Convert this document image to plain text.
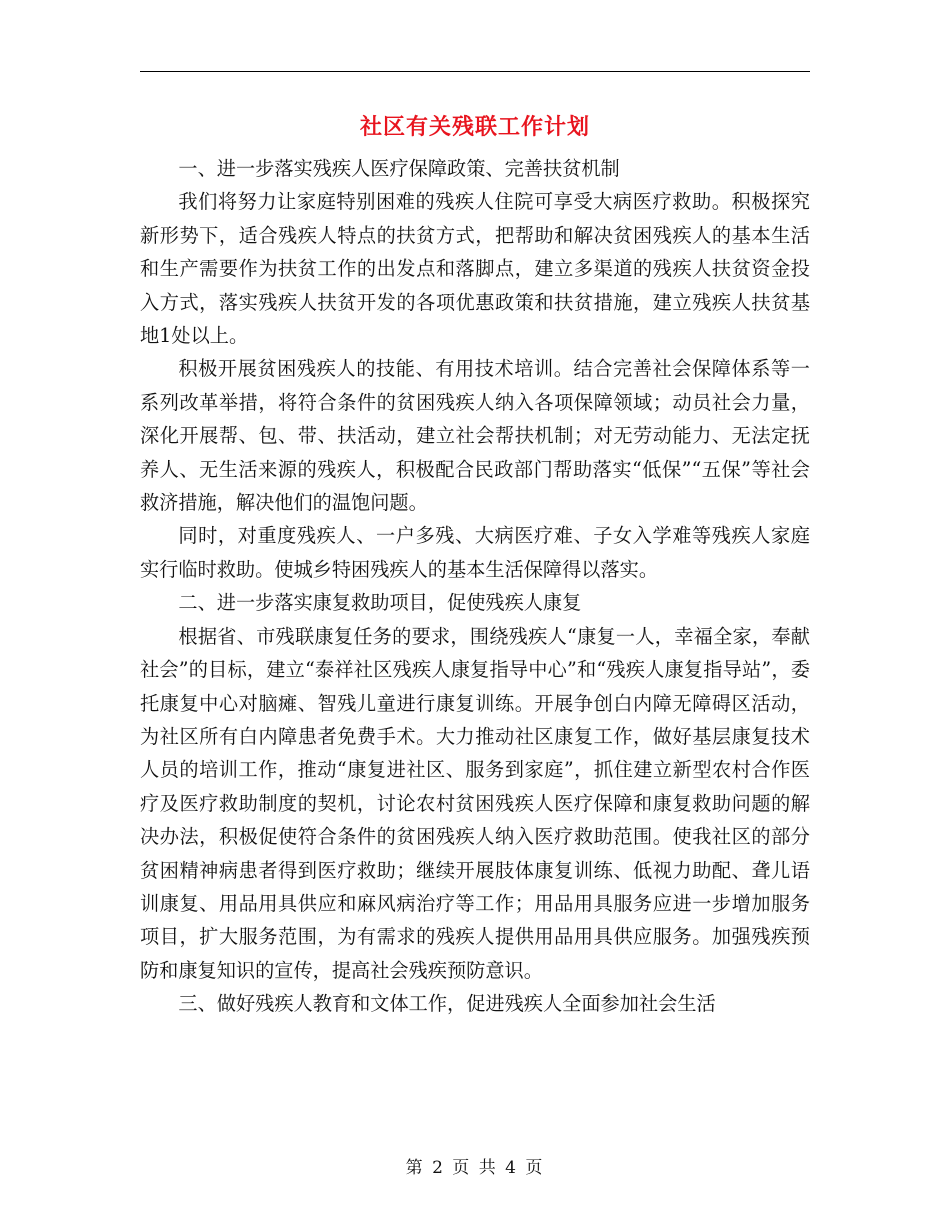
社区有关残联工作计划

一、进一步落实残疾人医疗保障政策、完善扶贫机制

我们将努力让家庭特别困难的残疾人住院可享受大病医疗救助。积极探究新形势下，适合残疾人特点的扶贫方式，把帮助和解决贫困残疾人的基本生活和生产需要作为扶贫工作的出发点和落脚点，建立多渠道的残疾人扶贫资金投入方式，落实残疾人扶贫开发的各项优惠政策和扶贫措施，建立残疾人扶贫基地1处以上。

积极开展贫困残疾人的技能、有用技术培训。结合完善社会保障体系等一系列改革举措，将符合条件的贫困残疾人纳入各项保障领域；动员社会力量，深化开展帮、包、带、扶活动，建立社会帮扶机制；对无劳动能力、无法定抚养人、无生活来源的残疾人，积极配合民政部门帮助落实“低保”“五保”等社会救济措施，解决他们的温饱问题。

同时，对重度残疾人、一户多残、大病医疗难、子女入学难等残疾人家庭实行临时救助。使城乡特困残疾人的基本生活保障得以落实。

二、进一步落实康复救助项目，促使残疾人康复

根据省、市残联康复任务的要求，围绕残疾人“康复一人，幸福全家，奉献社会”的目标，建立“泰祥社区残疾人康复指导中心”和“残疾人康复指导站”，委托康复中心对脑瘫、智残儿童进行康复训练。开展争创白内障无障碍区活动，为社区所有白内障患者免费手术。大力推动社区康复工作，做好基层康复技术人员的培训工作，推动“康复进社区、服务到家庭”，抓住建立新型农村合作医疗及医疗救助制度的契机，讨论农村贫困残疾人医疗保障和康复救助问题的解决办法，积极促使符合条件的贫困残疾人纳入医疗救助范围。使我社区的部分贫困精神病患者得到医疗救助；继续开展肢体康复训练、低视力助配、聋儿语训康复、用品用具供应和麻风病治疗等工作；用品用具服务应进一步增加服务项目，扩大服务范围，为有需求的残疾人提供用品用具供应服务。加强残疾预防和康复知识的宣传，提高社会残疾预防意识。

三、做好残疾人教育和文体工作，促进残疾人全面参加社会生活

第 2 页 共 4 页
